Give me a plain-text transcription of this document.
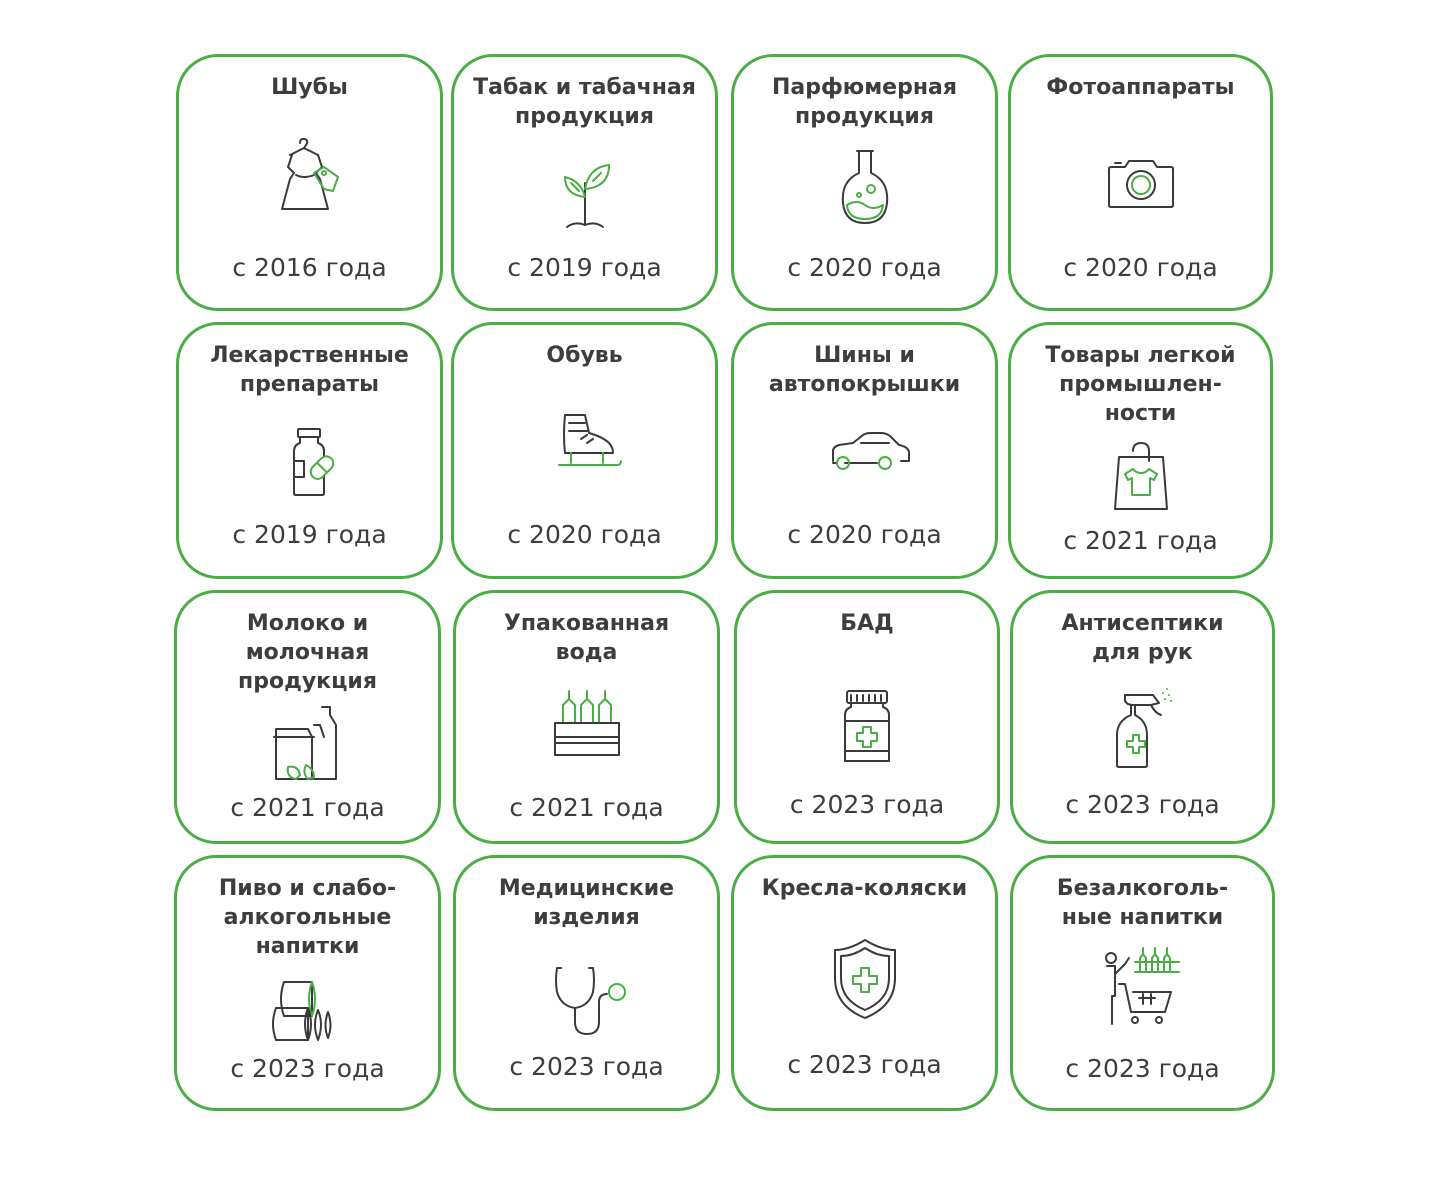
Шубы
с 2016 года
Табак и табачная
продукция
с 2019 года
Парфюмерная
продукция
с 2020 года
Фотоаппараты
с 2020 года
Лекарственные
препараты
с 2019 года
Обувь
с 2020 года
Шины и
автопокрышки
с 2020 года
Товары легкой
промышлен-
ности
с 2021 года
Молоко и
молочная
продукция
с 2021 года
Упакованная
вода
с 2021 года
БАД
с 2023 года
Антисептики
для рук
с 2023 года
Пиво и слабо-
алкогольные
напитки
с 2023 года
Медицинские
изделия
с 2023 года
Кресла-коляски
с 2023 года
Безалкоголь-
ные напитки
с 2023 года
